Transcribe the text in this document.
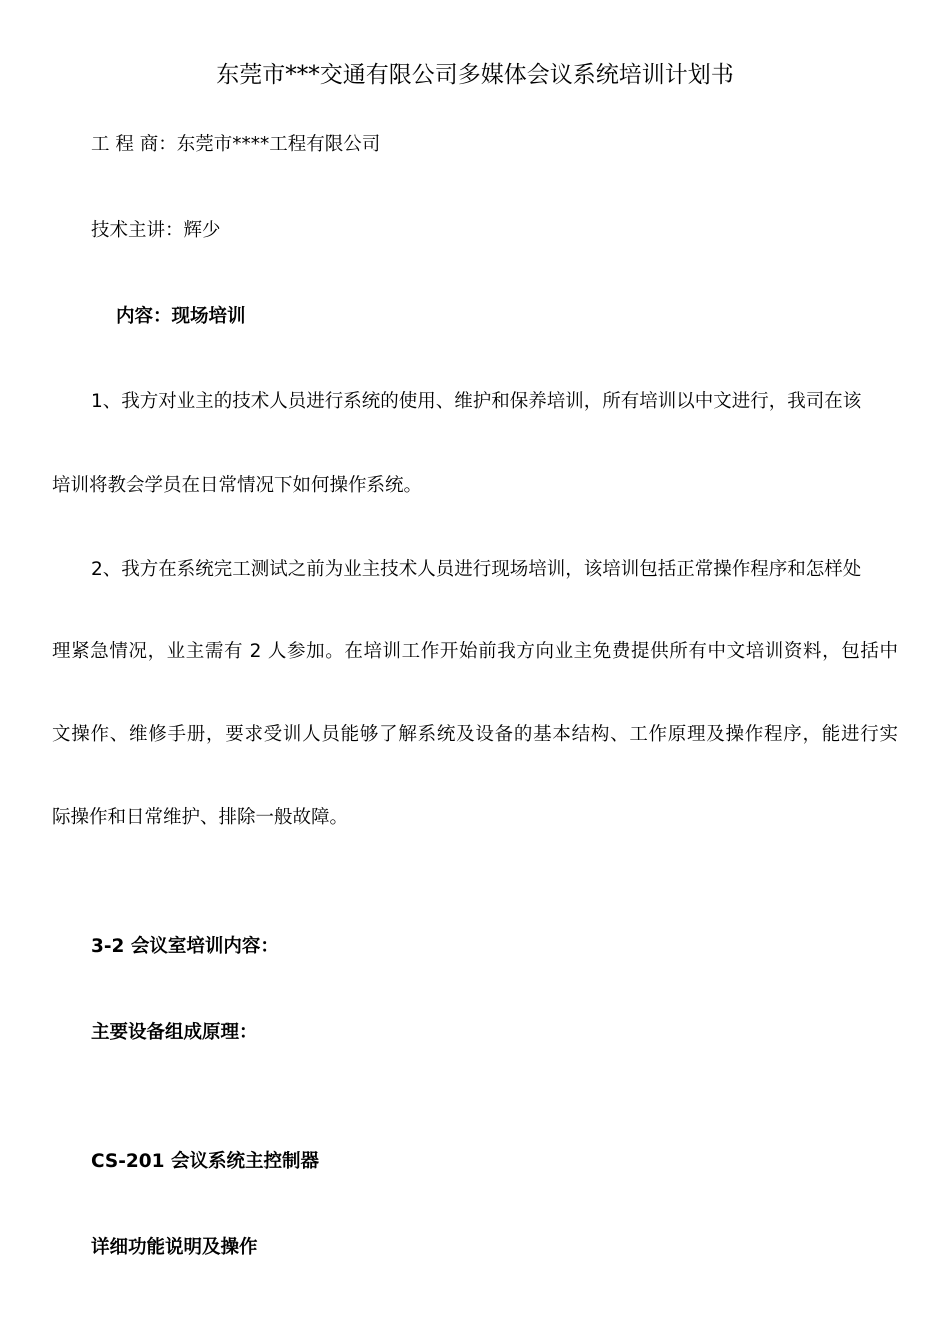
东莞市***交通有限公司多媒体会议系统培训计划书
工 程 商：东莞市****工程有限公司
技术主讲：辉少
内容：现场培训
1、我方对业主的技术人员进行系统的使用、维护和保养培训，所有培训以中文进行，我司在该
培训将教会学员在日常情况下如何操作系统。
2、我方在系统完工测试之前为业主技术人员进行现场培训，该培训包括正常操作程序和怎样处
理紧急情况，业主需有 2 人参加。在培训工作开始前我方向业主免费提供所有中文培训资料，包括中
文操作、维修手册，要求受训人员能够了解系统及设备的基本结构、工作原理及操作程序，能进行实
际操作和日常维护、排除一般故障。
3-2 会议室培训内容：
主要设备组成原理：
CS-201 会议系统主控制器
详细功能说明及操作
